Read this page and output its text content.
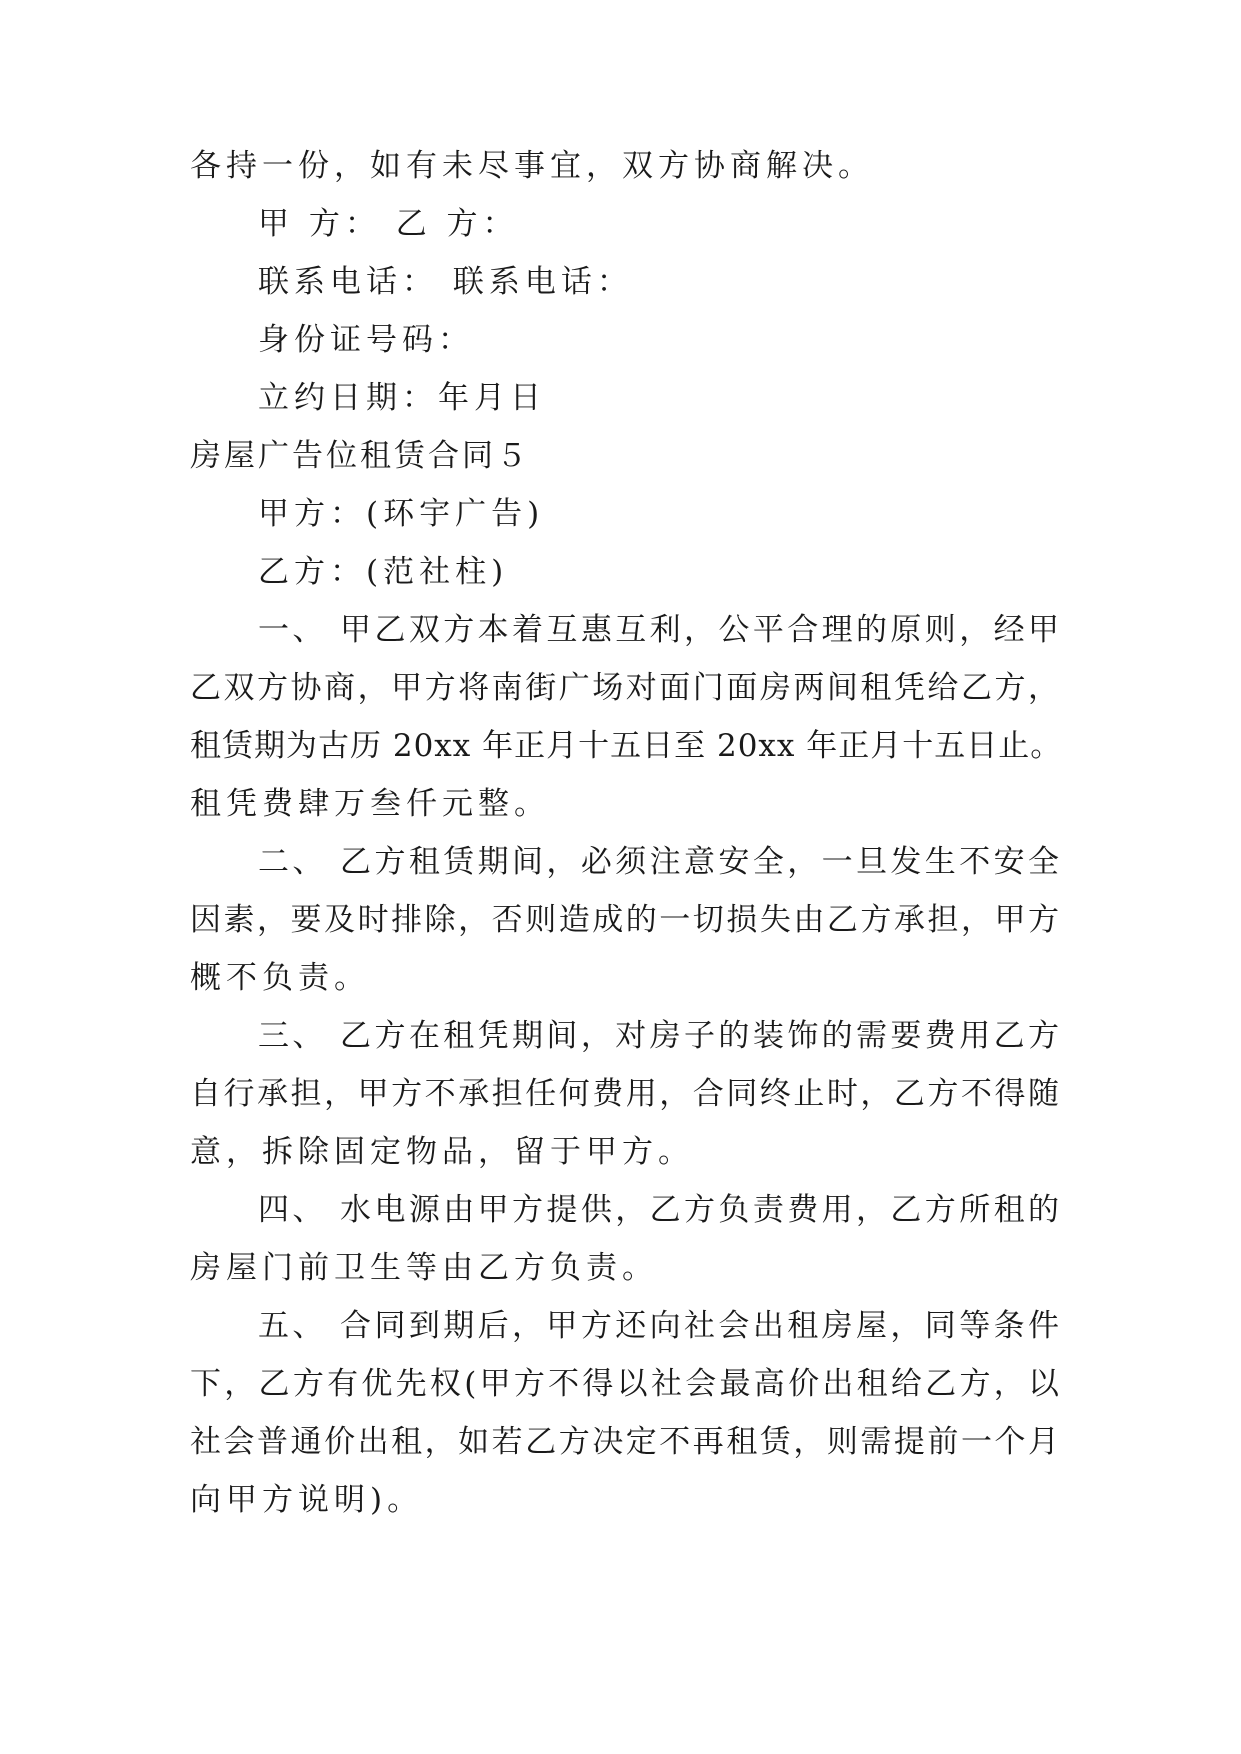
各持一份，如有未尽事宜，双方协商解决。
甲 方： 乙 方：
联系电话： 联系电话：
身份证号码：
立约日期：年月日
房屋广告位租赁合同５
甲方：(环宇广告)
乙方：(范社柱)
一、 甲乙双方本着互惠互利，公平合理的原则，经甲
乙双方协商，甲方将南街广场对面门面房两间租凭给乙方，
租赁期为古历 20xx 年正月十五日至 20xx 年正月十五日止。
租凭费肆万叁仟元整。
二、 乙方租赁期间，必须注意安全，一旦发生不安全
因素，要及时排除，否则造成的一切损失由乙方承担，甲方
概不负责。
三、 乙方在租凭期间，对房子的装饰的需要费用乙方
自行承担，甲方不承担任何费用，合同终止时，乙方不得随
意，拆除固定物品，留于甲方。
四、 水电源由甲方提供，乙方负责费用，乙方所租的
房屋门前卫生等由乙方负责。
五、 合同到期后，甲方还向社会出租房屋，同等条件
下，乙方有优先权(甲方不得以社会最高价出租给乙方，以
社会普通价出租，如若乙方决定不再租赁，则需提前一个月
向甲方说明)。
